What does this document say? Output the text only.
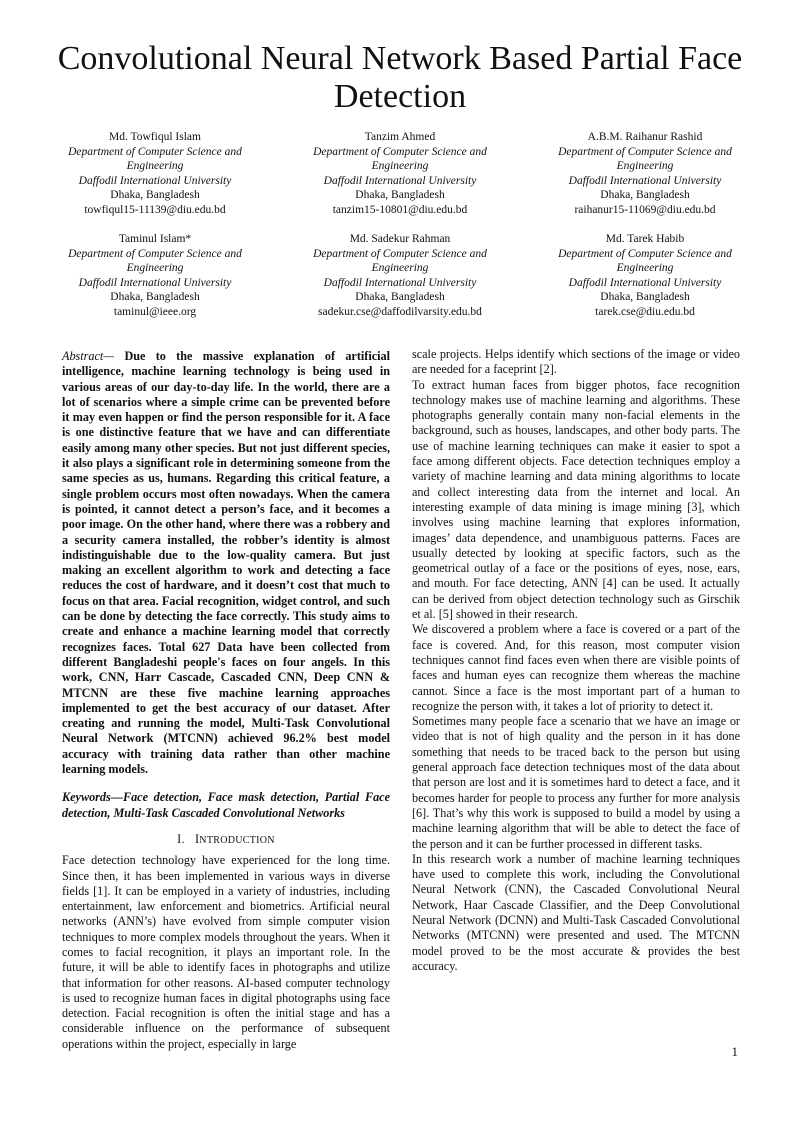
Convolutional Neural Network Based Partial Face Detection
Md. Towfiqul Islam
Department of Computer Science and Engineering
Daffodil International University
Dhaka, Bangladesh
towfiqul15-11139@diu.edu.bd
Tanzim Ahmed
Department of Computer Science and Engineering
Daffodil International University
Dhaka, Bangladesh
tanzim15-10801@diu.edu.bd
A.B.M. Raihanur Rashid
Department of Computer Science and Engineering
Daffodil International University
Dhaka, Bangladesh
raihanur15-11069@diu.edu.bd
Taminul Islam*
Department of Computer Science and Engineering
Daffodil International University
Dhaka, Bangladesh
taminul@ieee.org
Md. Sadekur Rahman
Department of Computer Science and Engineering
Daffodil International University
Dhaka, Bangladesh
sadekur.cse@daffodilvarsity.edu.bd
Md. Tarek Habib
Department of Computer Science and Engineering
Daffodil International University
Dhaka, Bangladesh
tarek.cse@diu.edu.bd

Abstract— Due to the massive explanation of artificial intelligence, machine learning technology is being used in various areas of our day-to-day life. In the world, there are a lot of scenarios where a simple crime can be prevented before it may even happen or find the person responsible for it. A face is one distinctive feature that we have and can differentiate easily among many other species. But not just different species, it also plays a significant role in determining someone from the same species as us, humans. Regarding this critical feature, a single problem occurs most often nowadays. When the camera is pointed, it cannot detect a person’s face, and it becomes a poor image. On the other hand, where there was a robbery and a security camera installed, the robber’s identity is almost indistinguishable due to the low-quality camera. But just making an excellent algorithm to work and detecting a face reduces the cost of hardware, and it doesn’t cost that much to focus on that area. Facial recognition, widget control, and such can be done by detecting the face correctly. This study aims to create and enhance a machine learning model that correctly recognizes faces. Total 627 Data have been collected from different Bangladeshi people's faces on four angels. In this work, CNN, Harr Cascade, Cascaded CNN, Deep CNN & MTCNN are these five machine learning approaches implemented to get the best accuracy of our dataset. After creating and running the model, Multi-Task Convolutional Neural Network (MTCNN) achieved 96.2% best model accuracy with training data rather than other machine learning models.

Keywords—Face detection, Face mask detection, Partial Face detection, Multi-Task Cascaded Convolutional Networks

I. INTRODUCTION

Face detection technology have experienced for the long time. Since then, it has been implemented in various ways in diverse fields [1]. It can be employed in a variety of industries, including entertainment, law enforcement and biometrics. Artificial neural networks (ANN’s) have evolved from simple computer vision techniques to more complex models throughout the years. When it comes to facial recognition, it plays an important role. In the future, it will be able to identify faces in photographs and utilize that information for other reasons. AI-based computer technology is used to recognize human faces in digital photographs using face detection. Facial recognition is often the initial stage and has a considerable influence on the performance of subsequent operations within the project, especially in large

scale projects. Helps identify which sections of the image or video are needed for a faceprint [2].

To extract human faces from bigger photos, face recognition technology makes use of machine learning and algorithms. These photographs generally contain many non-facial elements in the background, such as houses, landscapes, and other body parts. The use of machine learning techniques can make it easier to spot a face among different objects. Face detection techniques employ a variety of machine learning and data mining algorithms to locate and collect interesting data from the internet and local. An interesting example of data mining is image mining [3], which involves using machine learning that explores information, images’ data dependence, and unambiguous patterns. Faces are usually detected by looking at specific factors, such as the geometrical outlay of a face or the positions of eyes, nose, ears, and mouth. For face detecting, ANN [4] can be used. It actually can be derived from object detection technology such as Girschik et al. [5] showed in their research.

We discovered a problem where a face is covered or a part of the face is covered. And, for this reason, most computer vision techniques cannot find faces even when there are visible points of faces and human eyes can recognize them whereas the machine cannot. Since a face is the most important part of a human to recognize the person with, it takes a lot of priority to detect it.

Sometimes many people face a scenario that we have an image or video that is not of high quality and the person in it has done something that needs to be traced back to the person but using general approach face detection techniques most of the data about that person are lost and it is sometimes hard to detect a face, and it becomes harder for people to process any further for more analysis [6]. That’s why this work is supposed to build a model by using a machine learning algorithm that will be able to detect the face of the person and it can be further processed in different tasks.

In this research work a number of machine learning techniques have used to complete this work, including the Convolutional Neural Network (CNN), the Cascaded Convolutional Neural Network, Haar Cascade Classifier, and the Deep Convolutional Neural Network (DCNN) and Multi-Task Cascaded Convolutional Networks (MTCNN) were presented and used. The MTCNN model proved to be the most accurate & provides the best accuracy.

1
